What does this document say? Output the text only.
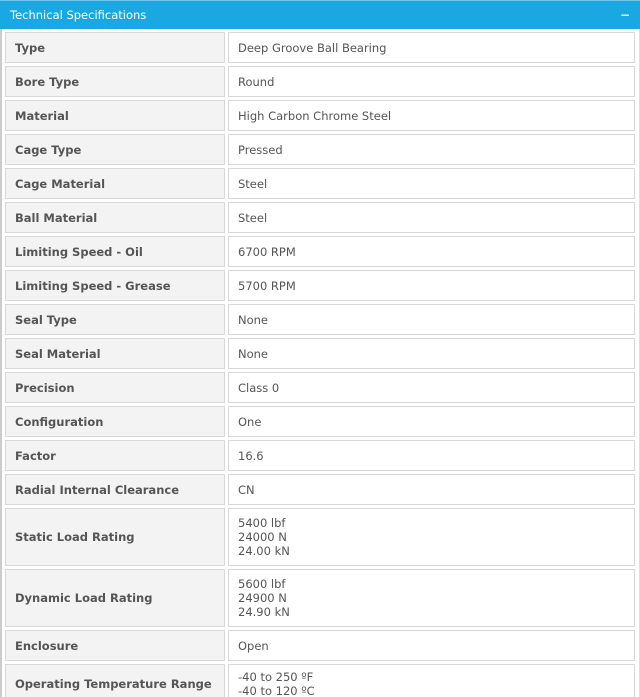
Technical Specifications	−
Type	Deep Groove Ball Bearing

Bore Type	Round

Material	High Carbon Chrome Steel

Cage Type	Pressed

Cage Material	Steel

Ball Material	Steel

Limiting Speed - Oil	6700 RPM

Limiting Speed - Grease	5700 RPM

Seal Type	None

Seal Material	None

Precision	Class 0

Configuration	One

Factor	16.6

Radial Internal Clearance	CN

Static Load Rating	5400 lbf
24000 N
24.00 kN

Dynamic Load Rating	5600 lbf
24900 N
24.90 kN

Enclosure	Open

Operating Temperature Range	-40 to 250 ºF
-40 to 120 ºC
